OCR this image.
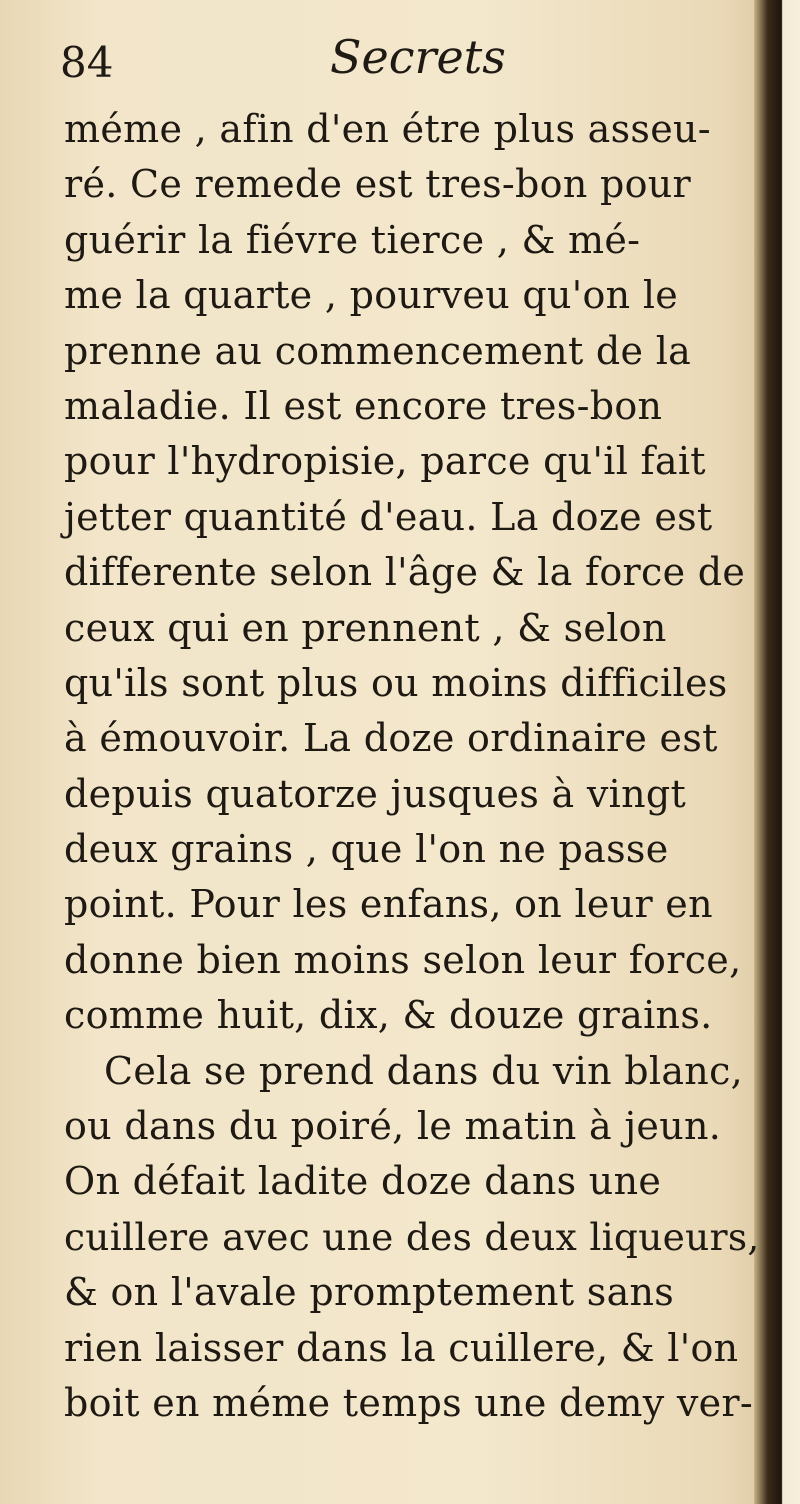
84	Secrets
méme , afin d'en étre plus asseu-
ré. Ce remede est tres-bon pour
guérir la fiévre tierce , & mé-
me la quarte , pourveu qu'on le
prenne au commencement de la
maladie. Il est encore tres-bon
pour l'hydropisie, parce qu'il fait
jetter quantité d'eau. La doze est
differente selon l'âge & la force de
ceux qui en prennent , & selon
qu'ils sont plus ou moins difficiles
à émouvoir. La doze ordinaire est
depuis quatorze jusques à vingt
deux grains , que l'on ne passe
point. Pour les enfans, on leur en
donne bien moins selon leur force,
comme huit, dix, & douze grains.
Cela se prend dans du vin blanc,
ou dans du poiré, le matin à jeun.
On défait ladite doze dans une
cuillere avec une des deux liqueurs,
& on l'avale promptement sans
rien laisser dans la cuillere, & l'on
boit en méme temps une demy ver-
